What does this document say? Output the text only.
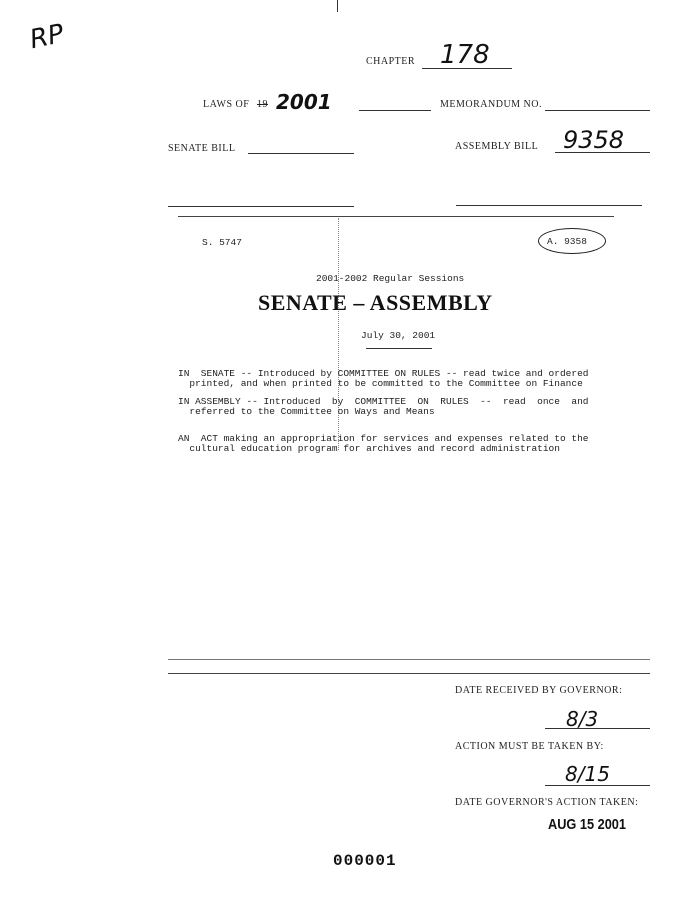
RP
CHAPTER 178
LAWS OF 19 2001	MEMORANDUM NO.
SENATE BILL	ASSEMBLY BILL 9358
S. 5747	A. 9358
2001-2002 Regular Sessions
SENATE – ASSEMBLY
July 30, 2001
IN  SENATE -- Introduced by COMMITTEE ON RULES -- read twice and ordered
printed, and when printed to be committed to the Committee on Finance
IN ASSEMBLY -- Introduced  by  COMMITTEE  ON  RULES  --  read  once  and
referred to the Committee on Ways and Means
AN  ACT making an appropriation for services and expenses related to the
cultural education program for archives and record administration
DATE RECEIVED BY GOVERNOR:
8/3
ACTION MUST BE TAKEN BY:
8/15
DATE GOVERNOR'S ACTION TAKEN:
AUG 15 2001
000001
